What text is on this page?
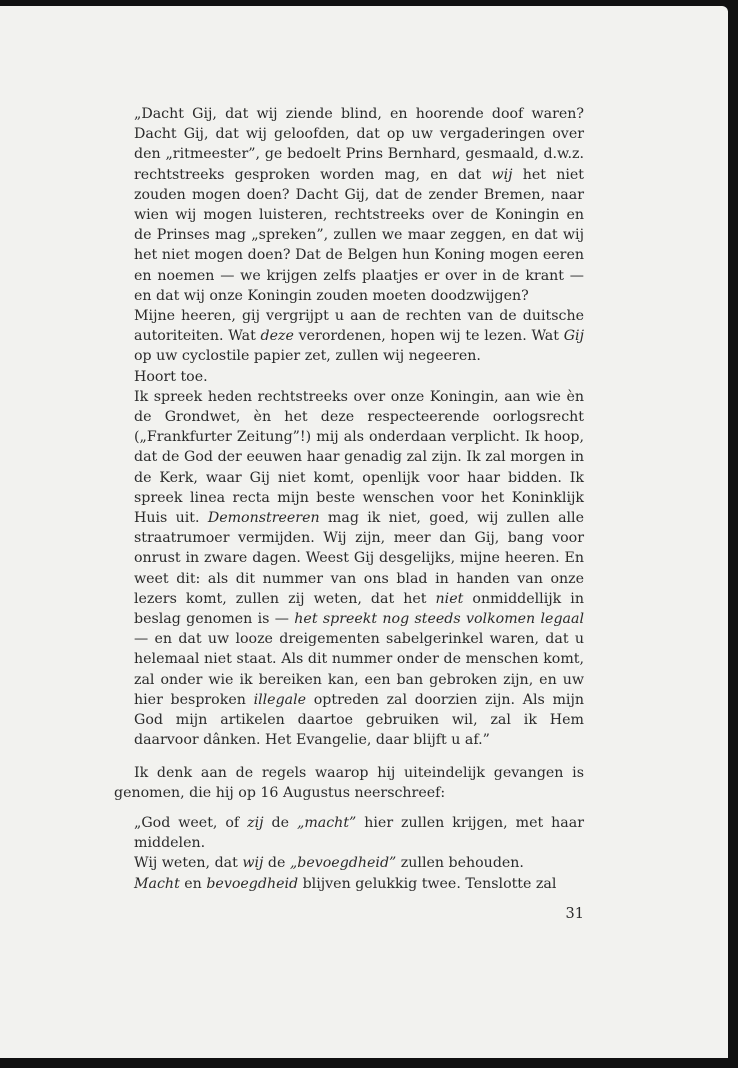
„Dacht Gij, dat wij ziende blind, en hoorende doof waren? Dacht Gij, dat wij geloofden, dat op uw vergaderingen over den „ritmeester”, ge bedoelt Prins Bernhard, gesmaald, d.w.z. rechtstreeks gesproken worden mag, en dat wij het niet zouden mogen doen? Dacht Gij, dat de zender Bremen, naar wien wij mogen luisteren, rechtstreeks over de Koningin en de Prinses mag „spreken”, zullen we maar zeggen, en dat wij het niet mogen doen? Dat de Belgen hun Koning mogen eeren en noemen — we krijgen zelfs plaatjes er over in de krant — en dat wij onze Koningin zouden moeten doodzwijgen?

Mijne heeren, gij vergrijpt u aan de rechten van de duitsche autoriteiten. Wat deze verordenen, hopen wij te lezen. Wat Gij op uw cyclostile papier zet, zullen wij negeeren.

Hoort toe.

Ik spreek heden rechtstreeks over onze Koningin, aan wie èn de Grondwet, èn het deze respecteerende oorlogsrecht („Frankfurter Zeitung”!) mij als onderdaan verplicht. Ik hoop, dat de God der eeuwen haar genadig zal zijn. Ik zal morgen in de Kerk, waar Gij niet komt, openlijk voor haar bidden. Ik spreek linea recta mijn beste wenschen voor het Koninklijk Huis uit. Demonstreeren mag ik niet, goed, wij zullen alle straatrumoer vermijden. Wij zijn, meer dan Gij, bang voor onrust in zware dagen. Weest Gij desgelijks, mijne heeren. En weet dit: als dit nummer van ons blad in handen van onze lezers komt, zullen zij weten, dat het niet onmiddellijk in beslag genomen is — het spreekt nog steeds volkomen legaal — en dat uw looze dreigementen sabelgerinkel waren, dat u helemaal niet staat. Als dit nummer onder de menschen komt, zal onder wie ik bereiken kan, een ban gebroken zijn, en uw hier besproken illegale optreden zal doorzien zijn. Als mijn God mijn artikelen daartoe gebruiken wil, zal ik Hem daarvoor dânken. Het Evangelie, daar blijft u af.”

Ik denk aan de regels waarop hij uiteindelijk gevangen is genomen, die hij op 16 Augustus neerschreef:

„God weet, of zij de „macht” hier zullen krijgen, met haar middelen.

Wij weten, dat wij de „bevoegdheid” zullen behouden.

Macht en bevoegdheid blijven gelukkig twee. Tenslotte zal

31
